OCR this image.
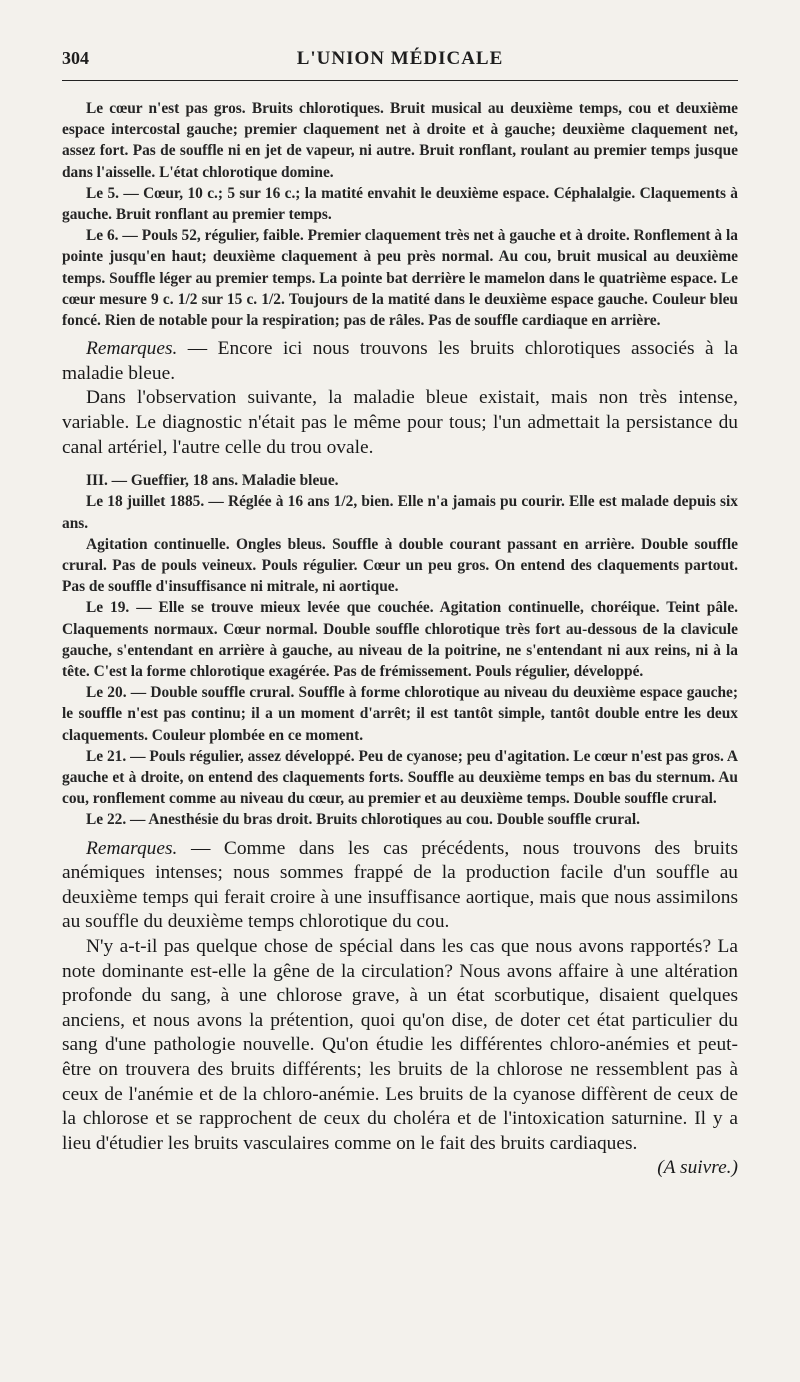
304	L'UNION MÉDICALE

Le cœur n'est pas gros. Bruits chlorotiques. Bruit musical au deuxième temps, cou et deuxième espace intercostal gauche; premier claquement net à droite et à gauche; deuxième claquement net, assez fort. Pas de souffle ni en jet de vapeur, ni autre. Bruit ronflant, roulant au premier temps jusque dans l'aisselle. L'état chlorotique domine.

Le 5. — Cœur, 10 c.; 5 sur 16 c.; la matité envahit le deuxième espace. Céphalalgie. Claquements à gauche. Bruit ronflant au premier temps.

Le 6. — Pouls 52, régulier, faible. Premier claquement très net à gauche et à droite. Ronflement à la pointe jusqu'en haut; deuxième claquement à peu près normal. Au cou, bruit musical au deuxième temps. Souffle léger au premier temps. La pointe bat derrière le mamelon dans le quatrième espace. Le cœur mesure 9 c. 1/2 sur 15 c. 1/2. Toujours de la matité dans le deuxième espace gauche. Couleur bleu foncé. Rien de notable pour la respiration; pas de râles. Pas de souffle cardiaque en arrière.

Remarques. — Encore ici nous trouvons les bruits chlorotiques associés à la maladie bleue.

Dans l'observation suivante, la maladie bleue existait, mais non très intense, variable. Le diagnostic n'était pas le même pour tous; l'un admettait la persistance du canal artériel, l'autre celle du trou ovale.

III. — Gueffier, 18 ans. Maladie bleue.

Le 18 juillet 1885. — Réglée à 16 ans 1/2, bien. Elle n'a jamais pu courir. Elle est malade depuis six ans.

Agitation continuelle. Ongles bleus. Souffle à double courant passant en arrière. Double souffle crural. Pas de pouls veineux. Pouls régulier. Cœur un peu gros. On entend des claquements partout. Pas de souffle d'insuffisance ni mitrale, ni aortique.

Le 19. — Elle se trouve mieux levée que couchée. Agitation continuelle, choréique. Teint pâle. Claquements normaux. Cœur normal. Double souffle chlorotique très fort au-dessous de la clavicule gauche, s'entendant en arrière à gauche, au niveau de la poitrine, ne s'entendant ni aux reins, ni à la tête. C'est la forme chlorotique exagérée. Pas de frémissement. Pouls régulier, développé.

Le 20. — Double souffle crural. Souffle à forme chlorotique au niveau du deuxième espace gauche; le souffle n'est pas continu; il a un moment d'arrêt; il est tantôt simple, tantôt double entre les deux claquements. Couleur plombée en ce moment.

Le 21. — Pouls régulier, assez développé. Peu de cyanose; peu d'agitation. Le cœur n'est pas gros. A gauche et à droite, on entend des claquements forts. Souffle au deuxième temps en bas du sternum. Au cou, ronflement comme au niveau du cœur, au premier et au deuxième temps. Double souffle crural.

Le 22. — Anesthésie du bras droit. Bruits chlorotiques au cou. Double souffle crural.

Remarques. — Comme dans les cas précédents, nous trouvons des bruits anémiques intenses; nous sommes frappé de la production facile d'un souffle au deuxième temps qui ferait croire à une insuffisance aortique, mais que nous assimilons au souffle du deuxième temps chlorotique du cou.

N'y a-t-il pas quelque chose de spécial dans les cas que nous avons rapportés? La note dominante est-elle la gêne de la circulation? Nous avons affaire à une altération profonde du sang, à une chlorose grave, à un état scorbutique, disaient quelques anciens, et nous avons la prétention, quoi qu'on dise, de doter cet état particulier du sang d'une pathologie nouvelle. Qu'on étudie les différentes chloro-anémies et peut-être on trouvera des bruits différents; les bruits de la chlorose ne ressemblent pas à ceux de l'anémie et de la chloro-anémie. Les bruits de la cyanose diffèrent de ceux de la chlorose et se rapprochent de ceux du choléra et de l'intoxication saturnine. Il y a lieu d'étudier les bruits vasculaires comme on le fait des bruits cardiaques.

(A suivre.)
